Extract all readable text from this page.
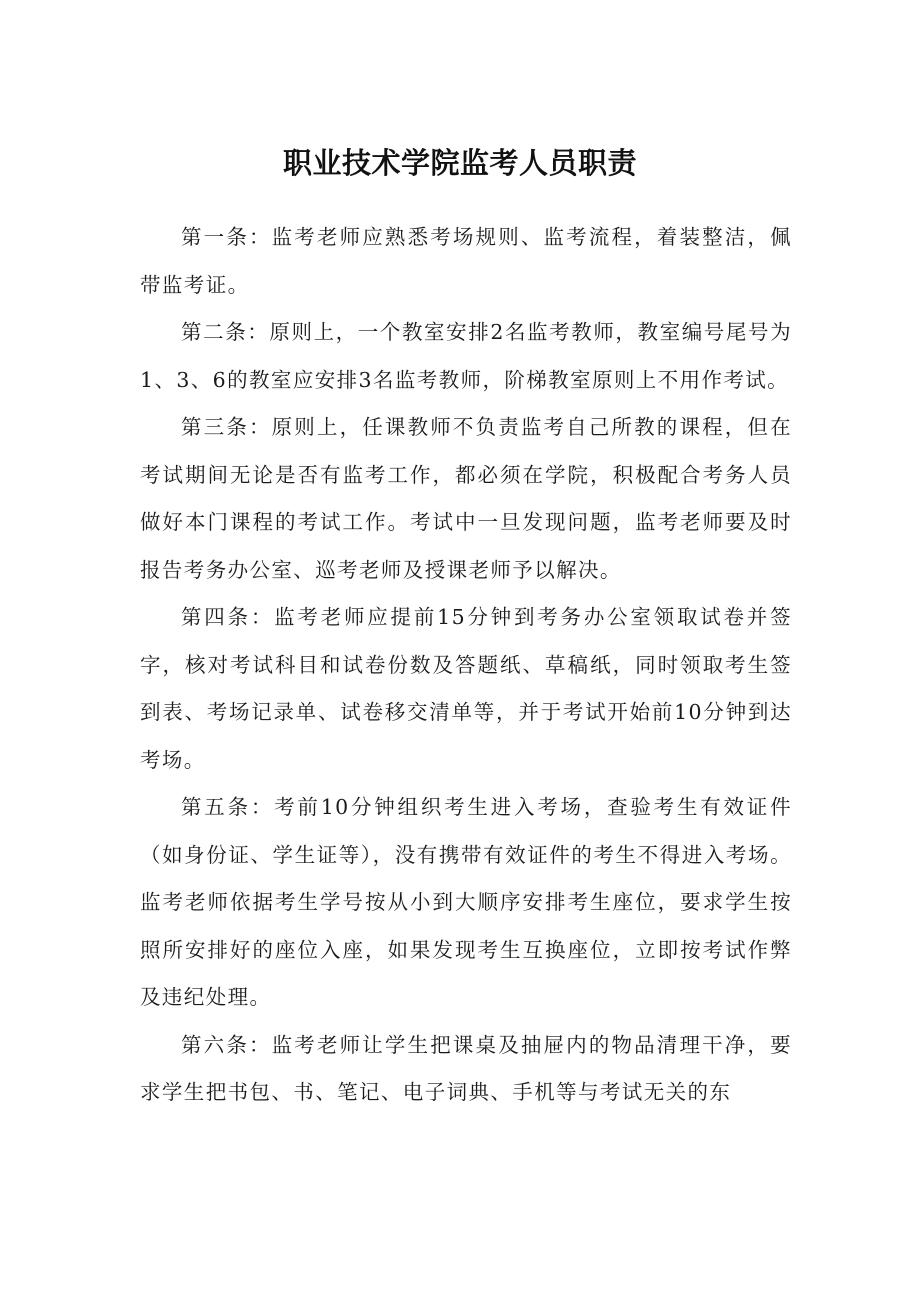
职业技术学院监考人员职责

第一条：监考老师应熟悉考场规则、监考流程，着装整洁，佩带监考证。

第二条：原则上，一个教室安排2名监考教师，教室编号尾号为1、3、6的教室应安排3名监考教师，阶梯教室原则上不用作考试。

第三条：原则上，任课教师不负责监考自己所教的课程，但在考试期间无论是否有监考工作，都必须在学院，积极配合考务人员做好本门课程的考试工作。考试中一旦发现问题，监考老师要及时报告考务办公室、巡考老师及授课老师予以解决。

第四条：监考老师应提前15分钟到考务办公室领取试卷并签字，核对考试科目和试卷份数及答题纸、草稿纸，同时领取考生签到表、考场记录单、试卷移交清单等，并于考试开始前10分钟到达考场。

第五条：考前10分钟组织考生进入考场，查验考生有效证件（如身份证、学生证等），没有携带有效证件的考生不得进入考场。监考老师依据考生学号按从小到大顺序安排考生座位，要求学生按照所安排好的座位入座，如果发现考生互换座位，立即按考试作弊及违纪处理。

第六条：监考老师让学生把课桌及抽屉内的物品清理干净，要求学生把书包、书、笔记、电子词典、手机等与考试无关的东
